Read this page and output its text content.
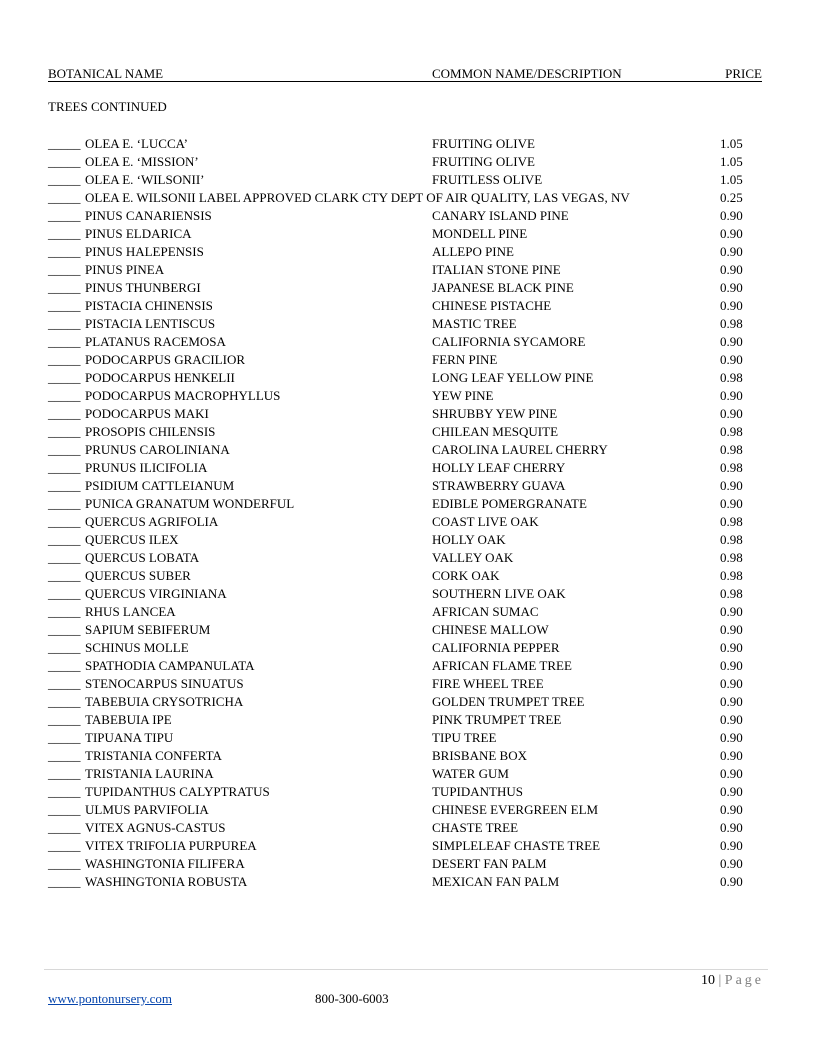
BOTANICAL NAME	COMMON NAME/DESCRIPTION	PRICE
TREES CONTINUED
_____ OLEA E. ‘LUCCA’	FRUITING OLIVE	1.05
_____ OLEA E. ‘MISSION’	FRUITING OLIVE	1.05
_____ OLEA E. ‘WILSONII’	FRUITLESS OLIVE	1.05
_____ OLEA E. WILSONII LABEL APPROVED CLARK CTY DEPT OF AIR QUALITY, LAS VEGAS, NV	0.25
_____ PINUS CANARIENSIS	CANARY ISLAND PINE	0.90
_____ PINUS ELDARICA	MONDELL PINE	0.90
_____ PINUS HALEPENSIS	ALLEPO PINE	0.90
_____ PINUS PINEA	ITALIAN STONE PINE	0.90
_____ PINUS THUNBERGI	JAPANESE BLACK PINE	0.90
_____ PISTACIA CHINENSIS	CHINESE PISTACHE	0.90
_____ PISTACIA LENTISCUS	MASTIC TREE	0.98
_____ PLATANUS RACEMOSA	CALIFORNIA SYCAMORE	0.90
_____ PODOCARPUS GRACILIOR	FERN PINE	0.90
_____ PODOCARPUS HENKELII	LONG LEAF YELLOW PINE	0.98
_____ PODOCARPUS MACROPHYLLUS	YEW PINE	0.90
_____ PODOCARPUS MAKI	SHRUBBY YEW PINE	0.90
_____ PROSOPIS CHILENSIS	CHILEAN MESQUITE	0.98
_____ PRUNUS CAROLINIANA	CAROLINA LAUREL CHERRY	0.98
_____ PRUNUS ILICIFOLIA	HOLLY LEAF CHERRY	0.98
_____ PSIDIUM CATTLEIANUM	STRAWBERRY GUAVA	0.90
_____ PUNICA GRANATUM WONDERFUL	EDIBLE POMERGRANATE	0.90
_____ QUERCUS AGRIFOLIA	COAST LIVE OAK	0.98
_____ QUERCUS ILEX	HOLLY OAK	0.98
_____ QUERCUS LOBATA	VALLEY OAK	0.98
_____ QUERCUS SUBER	CORK OAK	0.98
_____ QUERCUS VIRGINIANA	SOUTHERN LIVE OAK	0.98
_____ RHUS LANCEA	AFRICAN SUMAC	0.90
_____ SAPIUM SEBIFERUM	CHINESE MALLOW	0.90
_____ SCHINUS MOLLE	CALIFORNIA PEPPER	0.90
_____ SPATHODIA CAMPANULATA	AFRICAN FLAME TREE	0.90
_____ STENOCARPUS SINUATUS	FIRE WHEEL TREE	0.90
_____ TABEBUIA CRYSOTRICHA	GOLDEN TRUMPET TREE	0.90
_____ TABEBUIA IPE	PINK TRUMPET TREE	0.90
_____ TIPUANA TIPU	TIPU TREE	0.90
_____ TRISTANIA CONFERTA	BRISBANE BOX	0.90
_____ TRISTANIA LAURINA	WATER GUM	0.90
_____ TUPIDANTHUS CALYPTRATUS	TUPIDANTHUS	0.90
_____ ULMUS PARVIFOLIA	CHINESE EVERGREEN ELM	0.90
_____ VITEX AGNUS-CASTUS	CHASTE TREE	0.90
_____ VITEX TRIFOLIA PURPUREA	SIMPLELEAF CHASTE TREE	0.90
_____ WASHINGTONIA FILIFERA	DESERT FAN PALM	0.90
_____ WASHINGTONIA ROBUSTA	MEXICAN FAN PALM	0.90
10 | Page
www.pontonursery.com	800-300-6003
